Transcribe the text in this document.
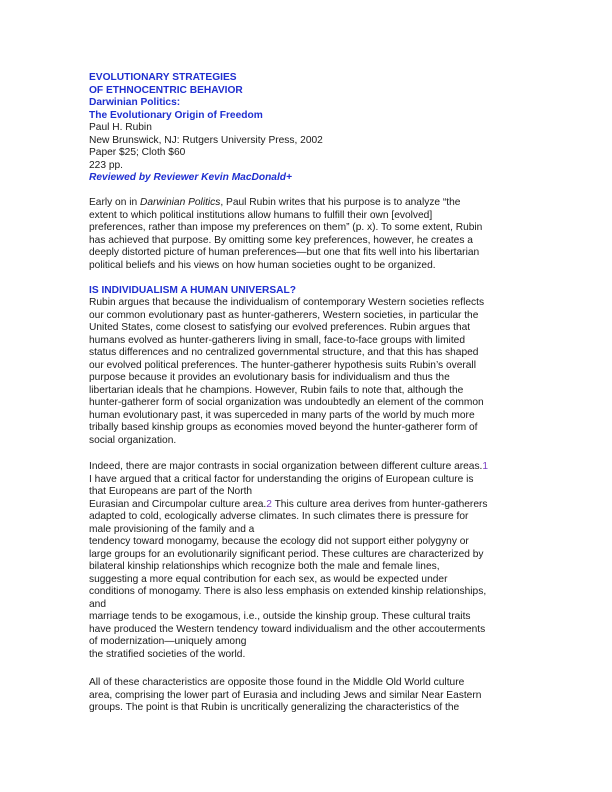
EVOLUTIONARY STRATEGIES

OF ETHNOCENTRIC BEHAVIOR

Darwinian Politics:

The Evolutionary Origin of Freedom

Paul H. Rubin

New Brunswick, NJ: Rutgers University Press, 2002

Paper $25; Cloth $60

223 pp.

Reviewed by Reviewer Kevin MacDonald+

Early on in Darwinian Politics, Paul Rubin writes that his purpose is to analyze “the
extent to which political institutions allow humans to fulfill their own [evolved]
preferences, rather than impose my preferences on them” (p. x). To some extent, Rubin
has achieved that purpose. By omitting some key preferences, however, he creates a
deeply distorted picture of human preferences—but one that fits well into his libertarian
political beliefs and his views on how human societies ought to be organized.

IS INDIVIDUALISM A HUMAN UNIVERSAL?

Rubin argues that because the individualism of contemporary Western societies reflects
our common evolutionary past as hunter-gatherers, Western societies, in particular the
United States, come closest to satisfying our evolved preferences. Rubin argues that
humans evolved as hunter-gatherers living in small, face-to-face groups with limited
status differences and no centralized governmental structure, and that this has shaped
our evolved political preferences. The hunter-gatherer hypothesis suits Rubin’s overall
purpose because it provides an evolutionary basis for individualism and thus the
libertarian ideals that he champions. However, Rubin fails to note that, although the
hunter-gatherer form of social organization was undoubtedly an element of the common
human evolutionary past, it was superceded in many parts of the world by much more
tribally based kinship groups as economies moved beyond the hunter-gatherer form of
social organization.
Indeed, there are major contrasts in social organization between different culture areas.1
I have argued that a critical factor for understanding the origins of European culture is
that Europeans are part of the North
Eurasian and Circumpolar culture area.2 This culture area derives from hunter-gatherers
adapted to cold, ecologically adverse climates. In such climates there is pressure for
male provisioning of the family and a
tendency toward monogamy, because the ecology did not support either polygyny or
large groups for an evolutionarily significant period. These cultures are characterized by
bilateral kinship relationships which recognize both the male and female lines,
suggesting a more equal contribution for each sex, as would be expected under
conditions of monogamy. There is also less emphasis on extended kinship relationships,
and
marriage tends to be exogamous, i.e., outside the kinship group. These cultural traits
have produced the Western tendency toward individualism and the other accouterments
of modernization—uniquely among
the stratified societies of the world.
All of these characteristics are opposite those found in the Middle Old World culture
area, comprising the lower part of Eurasia and including Jews and similar Near Eastern
groups. The point is that Rubin is uncritically generalizing the characteristics of the
